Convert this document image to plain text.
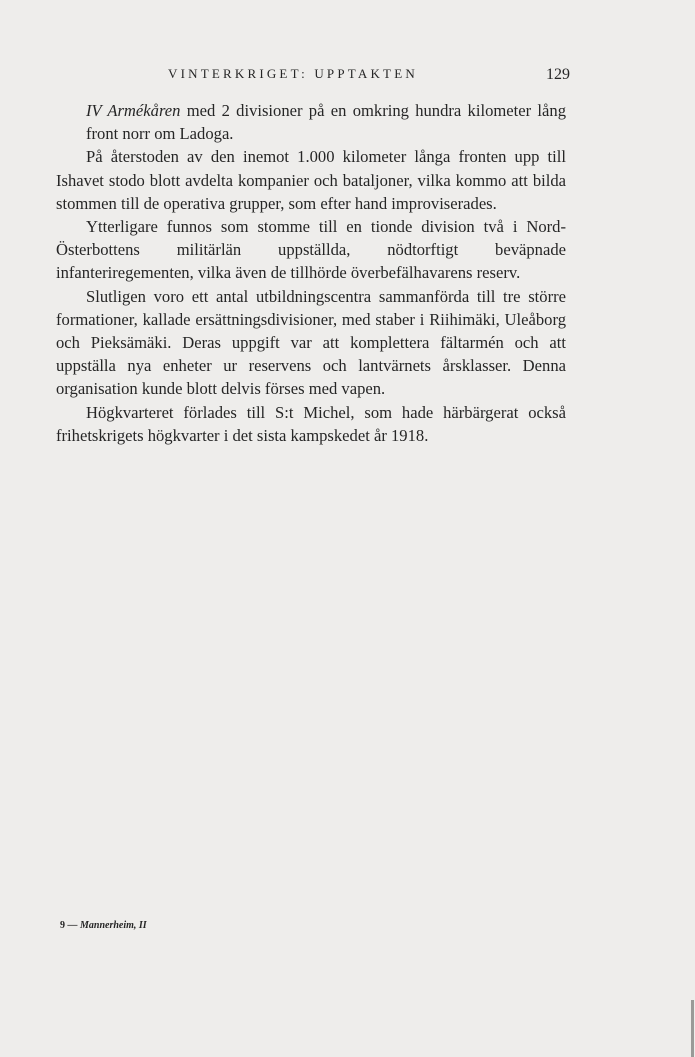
VINTERKRIGET: UPPTAKTEN	129

IV Armékåren med 2 divisioner på en omkring hundra kilometer lång front norr om Ladoga.

På återstoden av den inemot 1.000 kilometer långa fronten upp till Ishavet stodo blott avdelta kompanier och bataljoner, vilka kommo att bilda stommen till de operativa grupper, som efter hand improviserades.

Ytterligare funnos som stomme till en tionde division två i Nord-Österbottens militärlän uppställda, nödtorftigt beväpnade infanteriregementen, vilka även de tillhörde överbefälhavarens reserv.

Slutligen voro ett antal utbildningscentra sammanförda till tre större formationer, kallade ersättningsdivisioner, med staber i Riihimäki, Uleåborg och Pieksämäki. Deras uppgift var att komplettera fältarmén och att uppställa nya enheter ur reservens och lantvärnets årsklasser. Denna organisation kunde blott delvis förses med vapen.

Högkvarteret förlades till S:t Michel, som hade härbärgerat också frihetskrigets högkvarter i det sista kampskedet år 1918.

9 — Mannerheim, II
